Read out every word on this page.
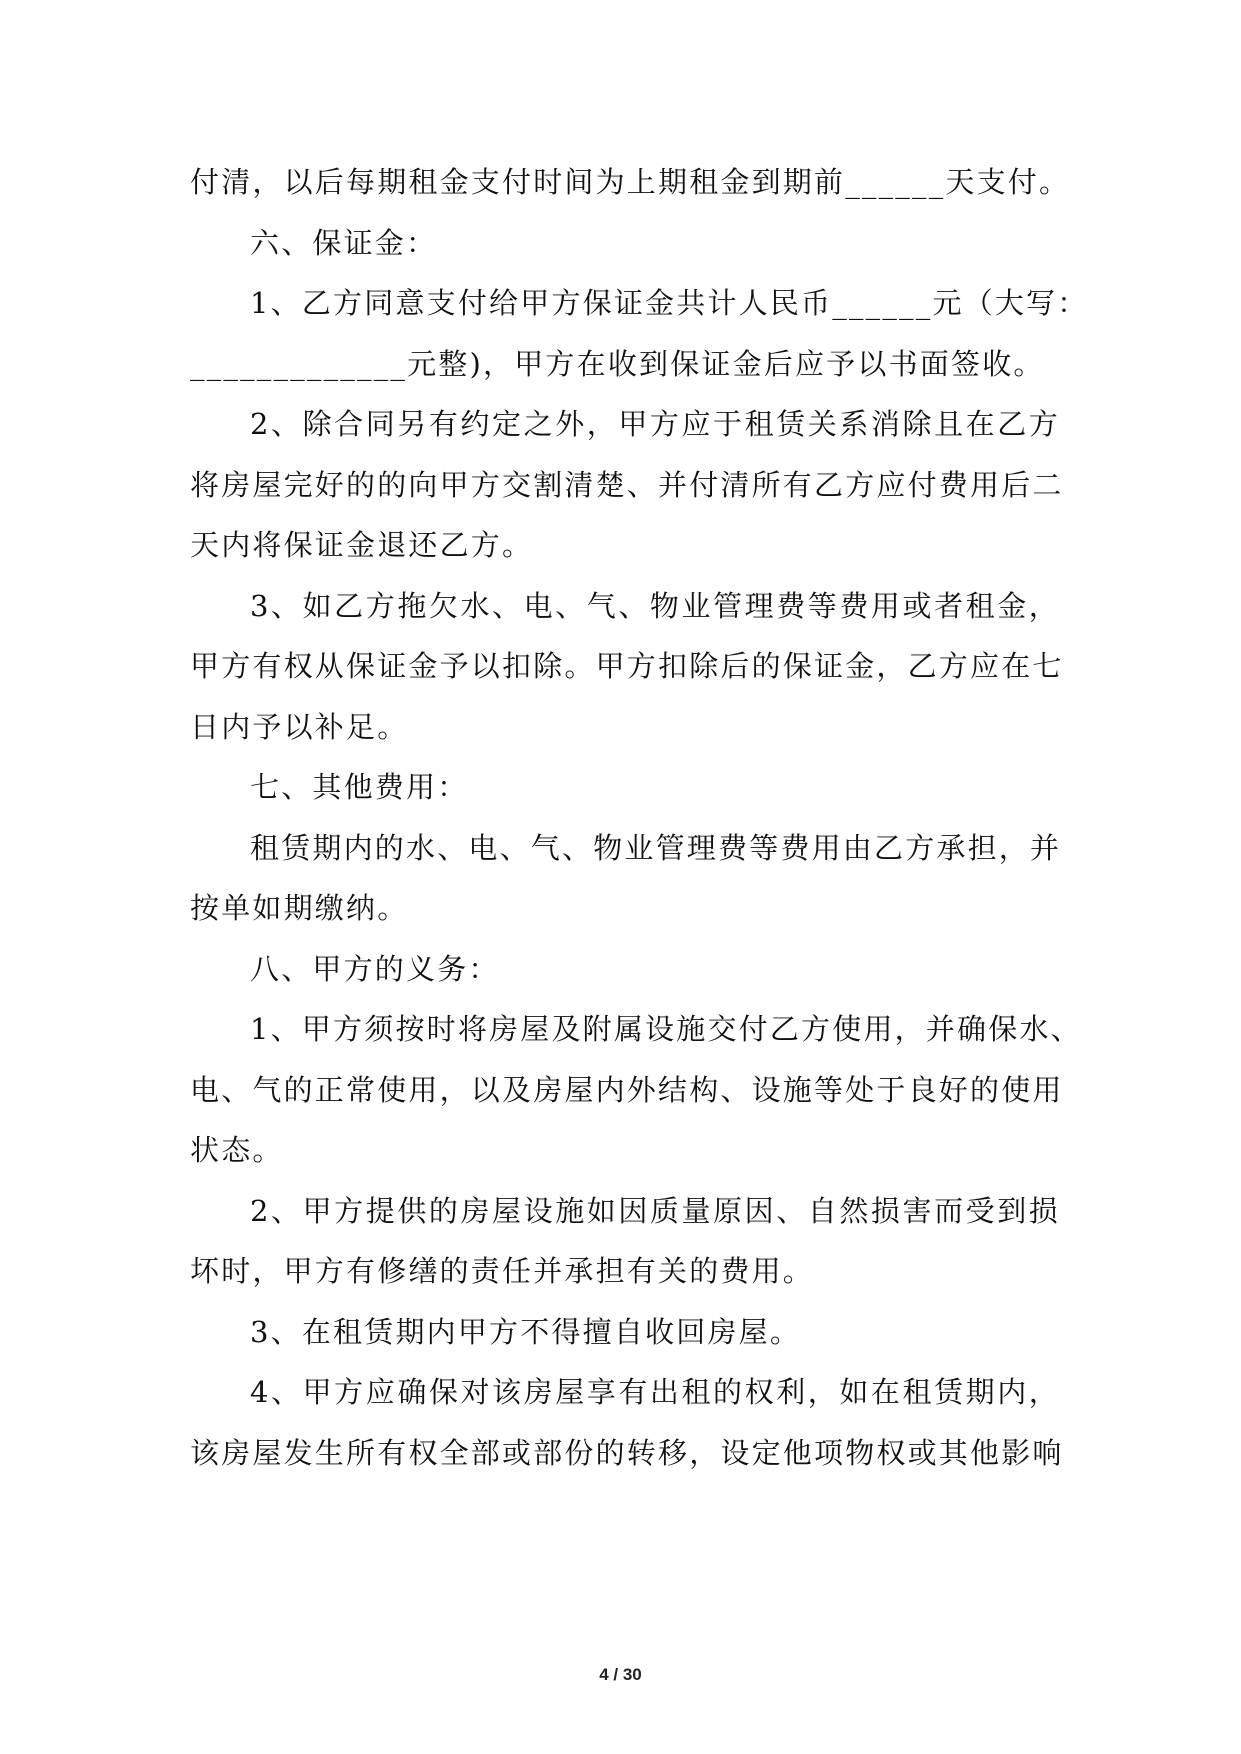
付清，以后每期租金支付时间为上期租金到期前______天支付。
六、保证金：
1、乙方同意支付给甲方保证金共计人民币______元（大写：
_____________元整)，甲方在收到保证金后应予以书面签收。
2、除合同另有约定之外，甲方应于租赁关系消除且在乙方
将房屋完好的的向甲方交割清楚、并付清所有乙方应付费用后二
天内将保证金退还乙方。
3、如乙方拖欠水、电、气、物业管理费等费用或者租金，
甲方有权从保证金予以扣除。甲方扣除后的保证金，乙方应在七
日内予以补足。
七、其他费用：
租赁期内的水、电、气、物业管理费等费用由乙方承担，并
按单如期缴纳。
八、甲方的义务：
1、甲方须按时将房屋及附属设施交付乙方使用，并确保水、
电、气的正常使用，以及房屋内外结构、设施等处于良好的使用
状态。
2、甲方提供的房屋设施如因质量原因、自然损害而受到损
坏时，甲方有修缮的责任并承担有关的费用。
3、在租赁期内甲方不得擅自收回房屋。
4、甲方应确保对该房屋享有出租的权利，如在租赁期内，
该房屋发生所有权全部或部份的转移，设定他项物权或其他影响
4 / 30
